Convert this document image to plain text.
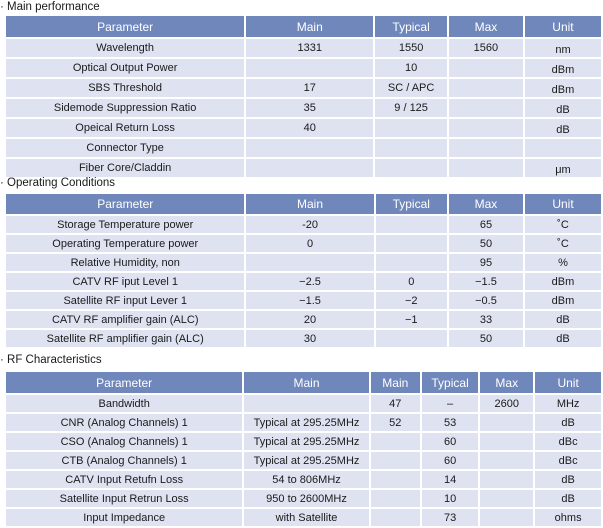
· Main performance
Parameter	Main	Typical	Max	Unit
Wavelength	1331	1550	1560	nm
Optical Output Power		10		dBm
SBS Threshold	17	SC / APC		dBm
Sidemode Suppression Ratio	35	9 / 125		dB
Opeical Return Loss	40			dB
Connector Type				
Fiber Core/Claddin				μm
· Operating Conditions
Parameter	Main	Typical	Max	Unit
Storage Temperature power	-20		65	˚C
Operating Temperature power	0		50	˚C
Relative Humidity, non			95	%
CATV RF iput Level 1	−2.5	0	−1.5	dBm
Satellite RF input Lever 1	−1.5	−2	−0.5	dBm
CATV RF amplifier gain (ALC)	20	−1	33	dB
Satellite RF amplifier gain (ALC)	30		50	dB
· RF Characteristics
Parameter	Main	Main	Typical	Max	Unit
Bandwidth		47	–	2600	MHz
CNR (Analog Channels) 1	Typical at 295.25MHz	52	53		dB
CSO (Analog Channels) 1	Typical at 295.25MHz		60		dBc
CTB (Analog Channels) 1	Typical at 295.25MHz		60		dBc
CATV Input Retufn Loss	54 to 806MHz		14		dB
Satellite Input Retrun Loss	950 to 2600MHz		10		dB
Input Impedance	with Satellite		73		ohms
